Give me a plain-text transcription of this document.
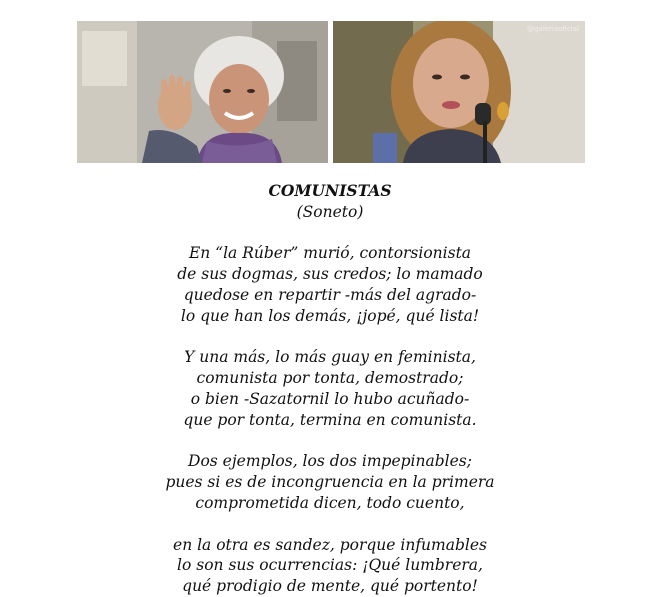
@galeriaoficial
COMUNISTAS
(Soneto)
En “la Rúber” murió, contorsionista
de sus dogmas, sus credos; lo mamado
quedose en repartir -más del agrado-
lo que han los demás, ¡jopé, qué lista!
Y una más, lo más guay en feminista,
comunista por tonta, demostrado;
o bien -Sazatornil lo hubo acuñado-
que por tonta, termina en comunista.
Dos ejemplos, los dos impepinables;
pues si es de incongruencia en la primera
comprometida dicen, todo cuento,
en la otra es sandez, porque infumables
lo son sus ocurrencias: ¡Qué lumbrera,
qué prodigio de mente, qué portento!
